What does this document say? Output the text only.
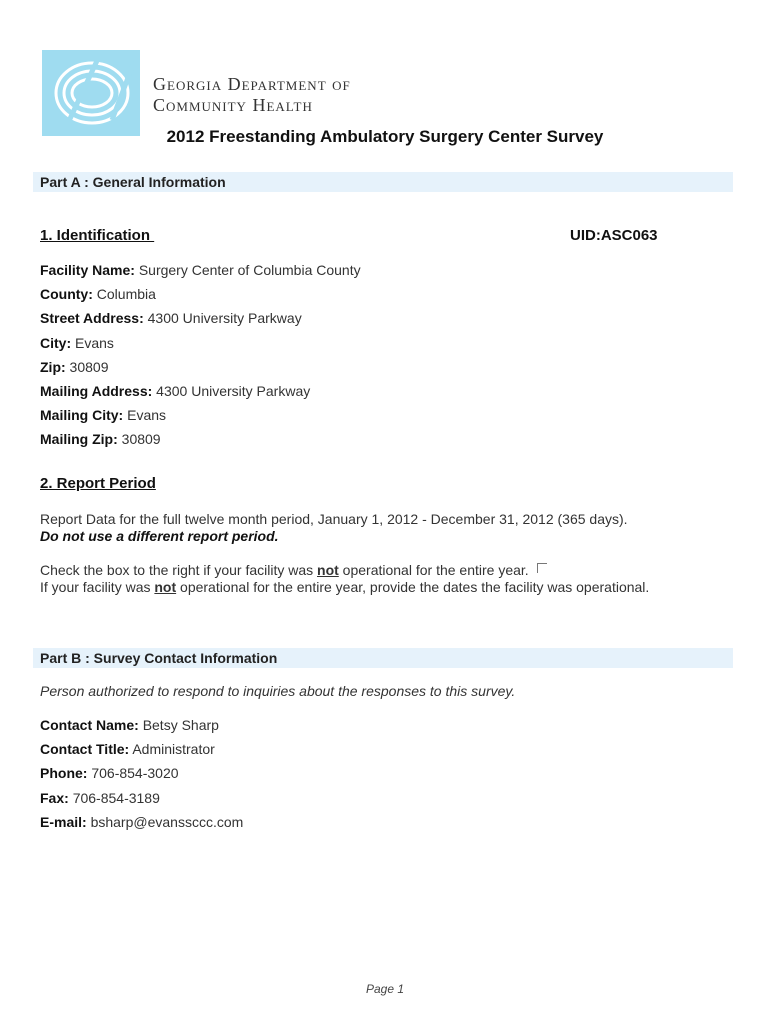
Georgia Department of
Community Health
2012 Freestanding Ambulatory Surgery Center Survey
Part A : General Information
1. Identification	UID:ASC063
Facility Name: Surgery Center of Columbia County
County: Columbia
Street Address: 4300 University Parkway
City: Evans
Zip: 30809
Mailing Address: 4300 University Parkway
Mailing City: Evans
Mailing Zip: 30809
2. Report Period
Report Data for the full twelve month period, January 1, 2012 - December 31, 2012 (365 days).
Do not use a different report period.
Check the box to the right if your facility was not operational for the entire year.
If your facility was not operational for the entire year, provide the dates the facility was operational.
Part B : Survey Contact Information
Person authorized to respond to inquiries about the responses to this survey.
Contact Name: Betsy Sharp
Contact Title: Administrator
Phone: 706-854-3020
Fax: 706-854-3189
E-mail: bsharp@evanssccc.com
Page 1
